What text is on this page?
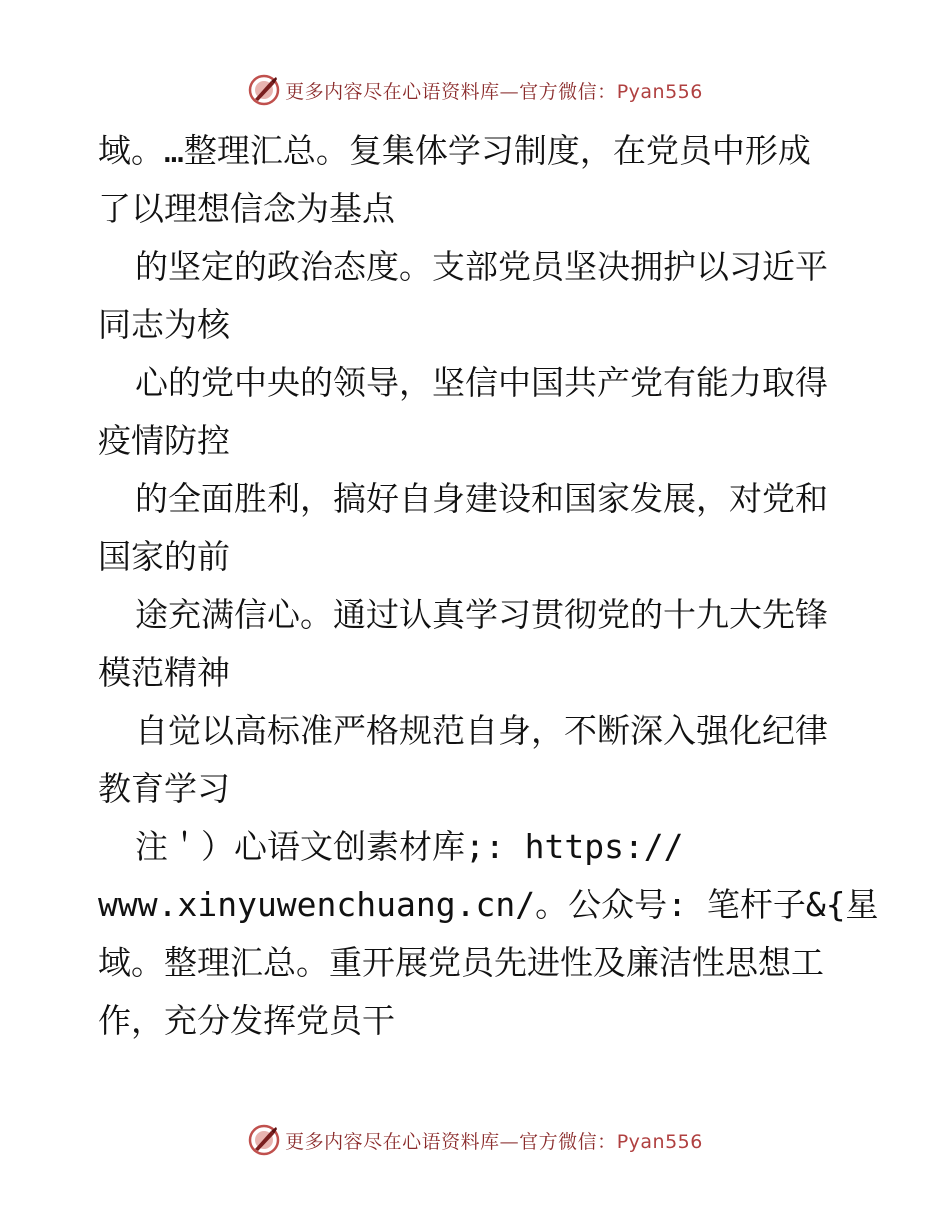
更多内容尽在心语资料库—官方微信：Pyan556
域。…整理汇总。复集体学习制度，在党员中形成
了以理想信念为基点
的坚定的政治态度。支部党员坚决拥护以习近平
同志为核
心的党中央的领导，坚信中国共产党有能力取得
疫情防控
的全面胜利，搞好自身建设和国家发展，对党和
国家的前
途充满信心。通过认真学习贯彻党的十九大先锋
模范精神
自觉以高标准严格规范自身，不断深入强化纪律
教育学习
注＇）心语文创素材库;: https://
www.xinyuwenchuang.cn/。公众号: 笔杆子&{星
域。整理汇总。重开展党员先进性及廉洁性思想工
作，充分发挥党员干
更多内容尽在心语资料库—官方微信：Pyan556
